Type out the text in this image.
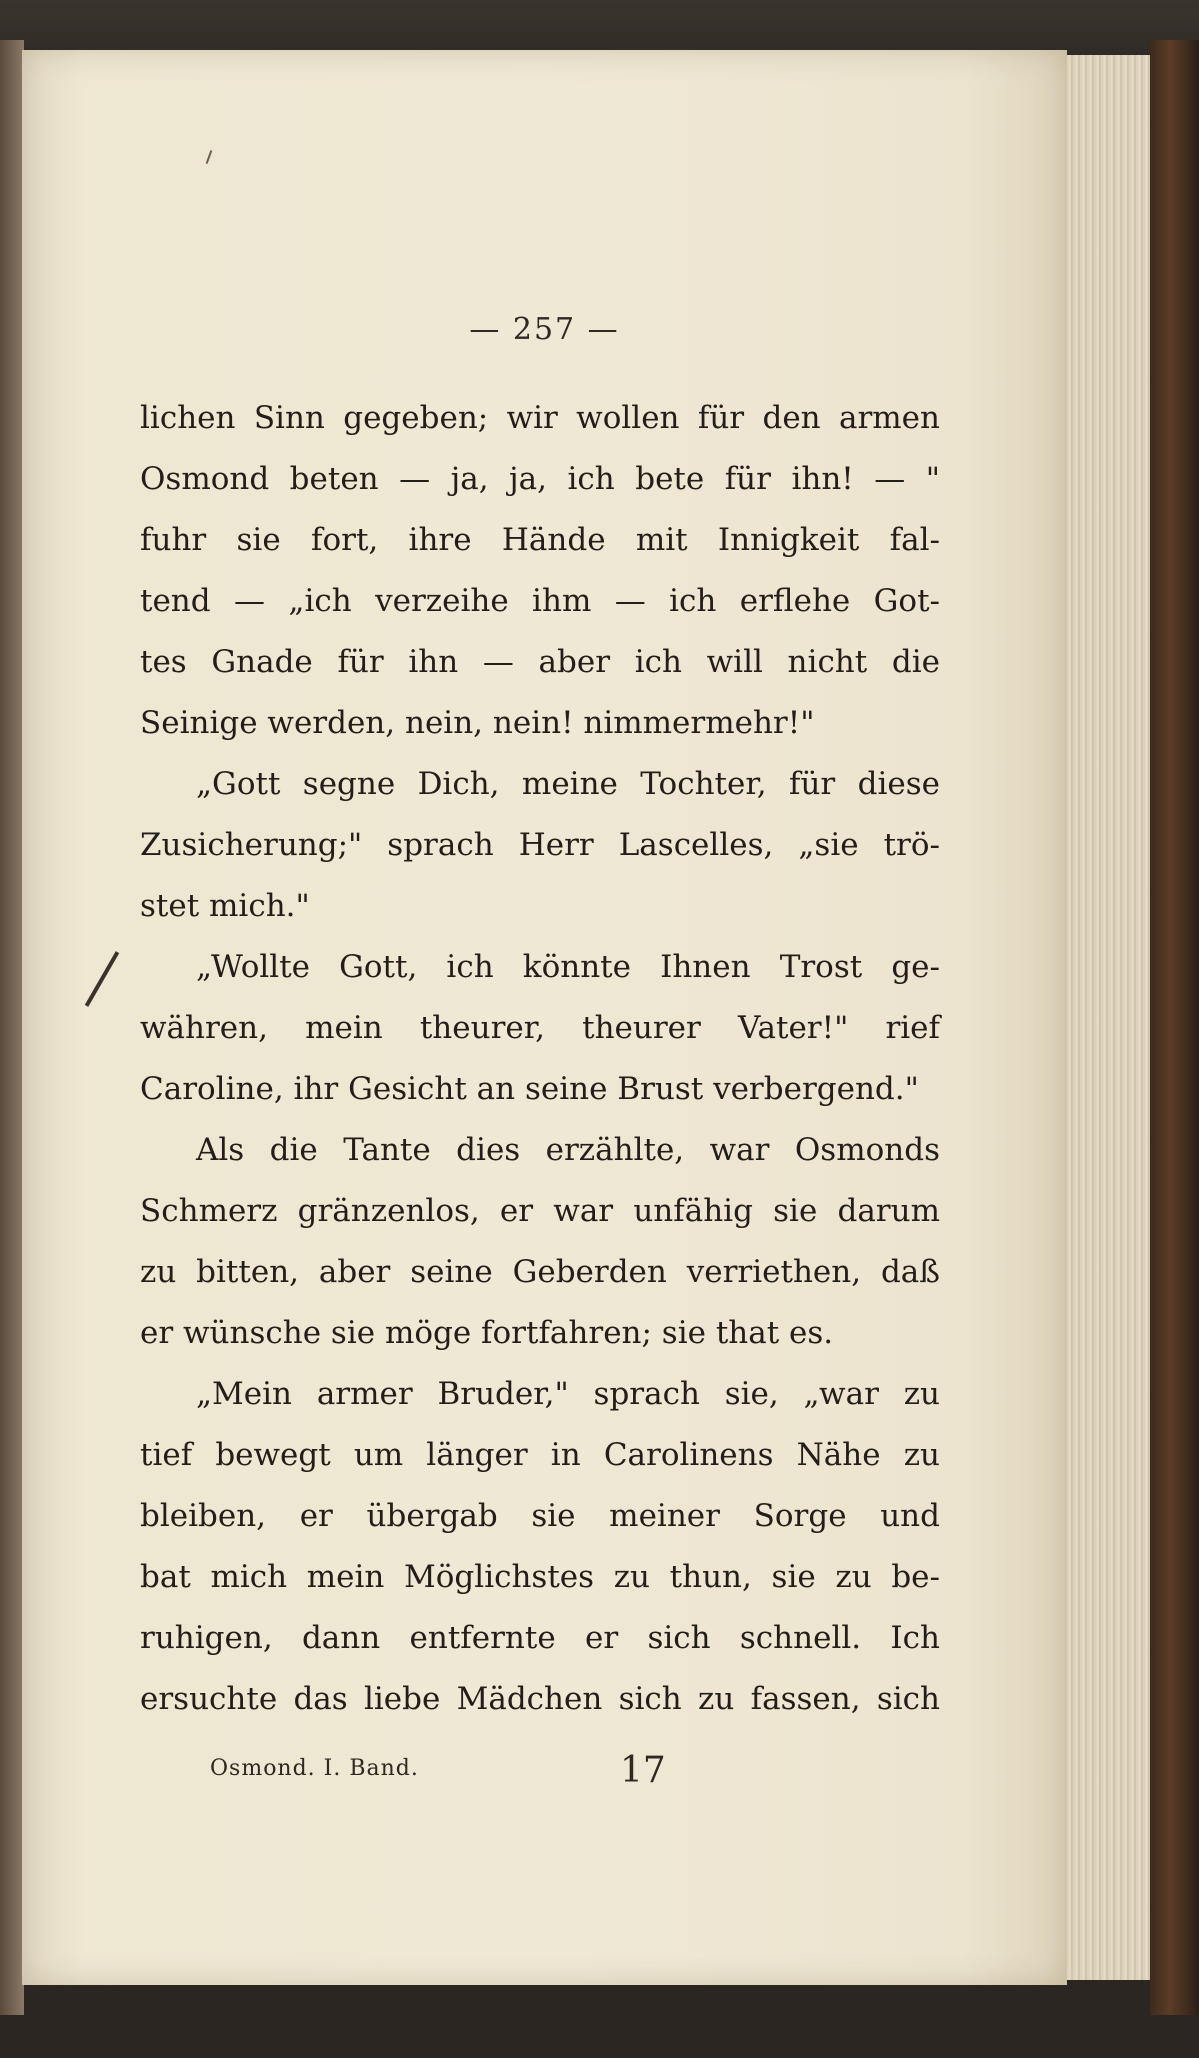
— 257 —
lichen Sinn gegeben; wir wollen für den armen
Osmond beten — ja, ja, ich bete für ihn! — "
fuhr sie fort, ihre Hände mit Innigkeit fal-
tend — „ich verzeihe ihm — ich erflehe Got-
tes Gnade für ihn — aber ich will nicht die
Seinige werden, nein, nein! nimmermehr!"
„Gott segne Dich, meine Tochter, für diese
Zusicherung;" sprach Herr Lascelles, „sie trö-
stet mich."
„Wollte Gott, ich könnte Ihnen Trost ge-
währen, mein theurer, theurer Vater!" rief
Caroline, ihr Gesicht an seine Brust verbergend."
Als die Tante dies erzählte, war Osmonds
Schmerz gränzenlos, er war unfähig sie darum
zu bitten, aber seine Geberden verriethen, daß
er wünsche sie möge fortfahren; sie that es.
„Mein armer Bruder," sprach sie, „war zu
tief bewegt um länger in Carolinens Nähe zu
bleiben, er übergab sie meiner Sorge und
bat mich mein Möglichstes zu thun, sie zu be-
ruhigen, dann entfernte er sich schnell. Ich
ersuchte das liebe Mädchen sich zu fassen, sich
Osmond. I. Band.	17
